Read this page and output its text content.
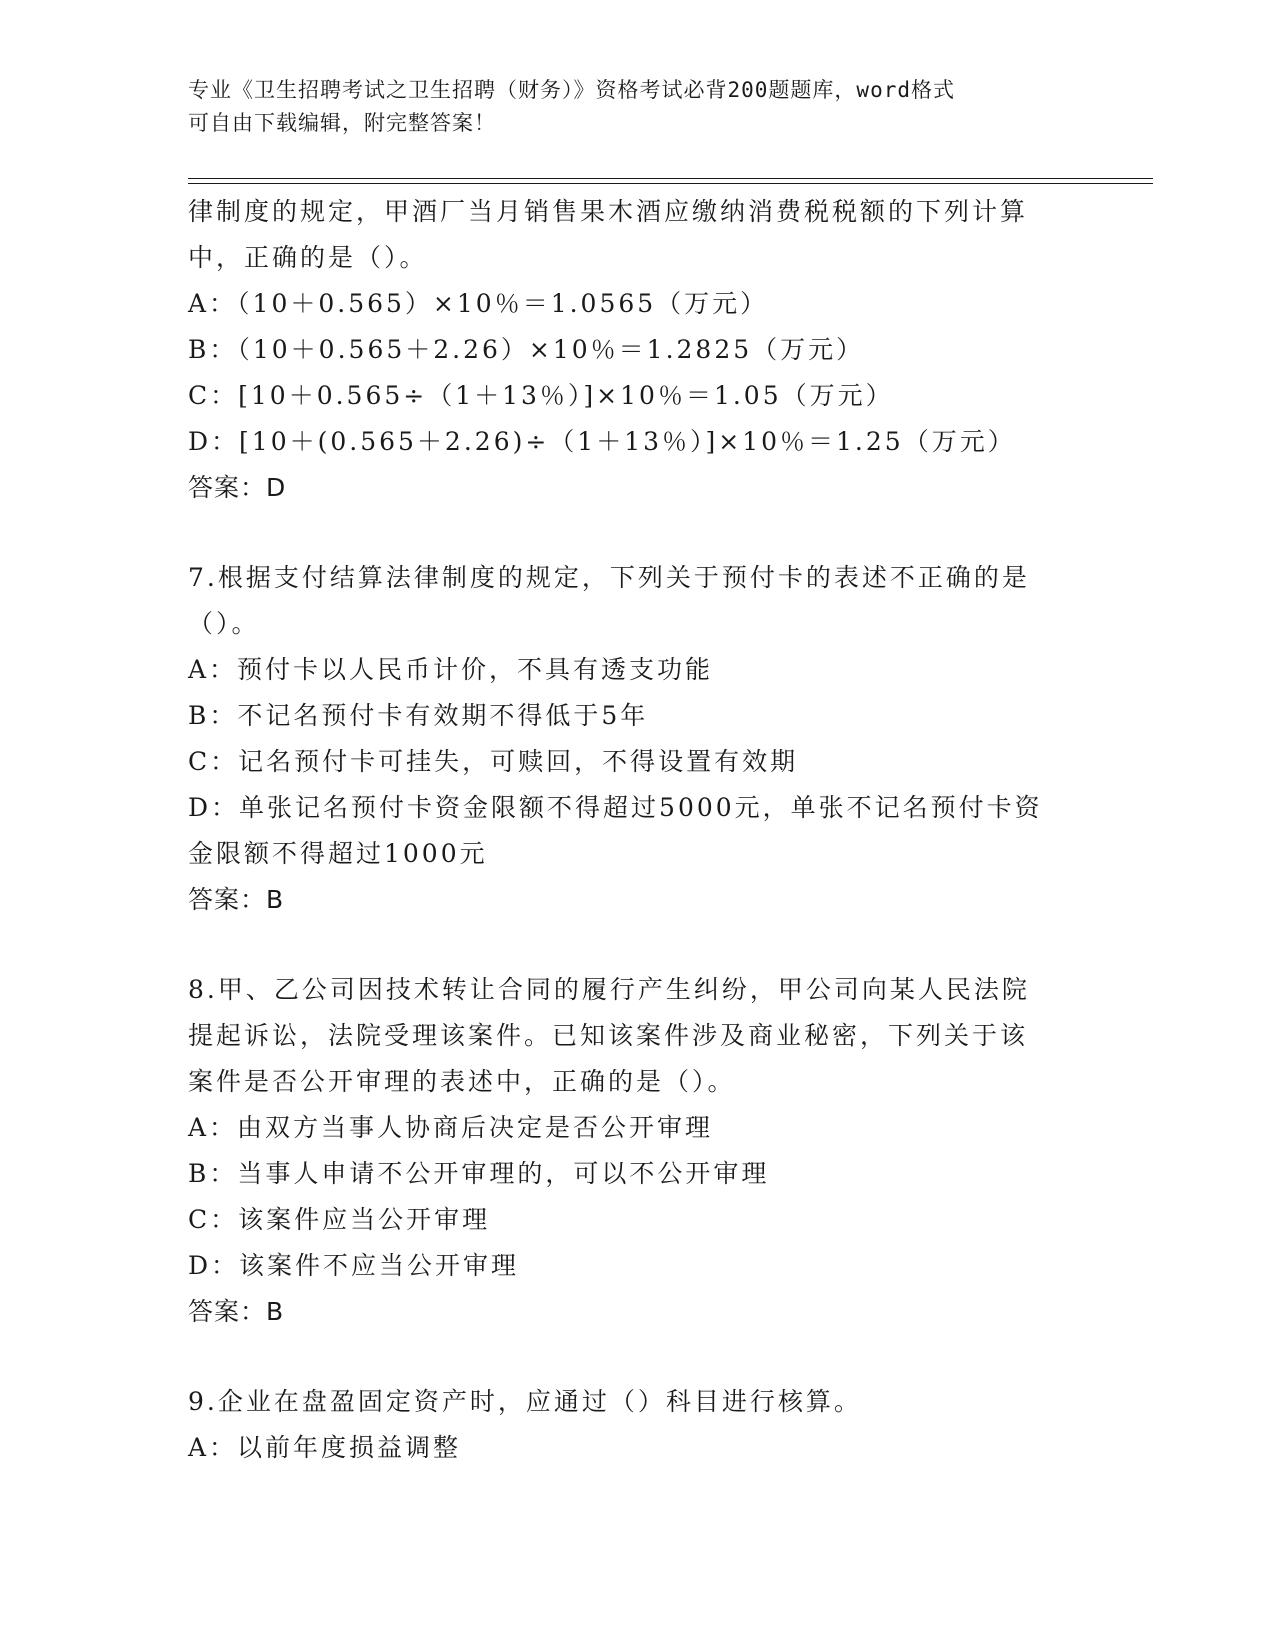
专业《卫生招聘考试之卫生招聘（财务）》资格考试必背200题题库，word格式
可自由下载编辑，附完整答案！
律制度的规定，甲酒厂当月销售果木酒应缴纳消费税税额的下列计算
中，正确的是（）。
A：（10＋0.565）×10％＝1.0565（万元）
B：（10＋0.565＋2.26）×10％＝1.2825（万元）
C：[10＋0.565÷（1＋13％）]×10％＝1.05（万元）
D：[10＋(0.565＋2.26)÷（1＋13％）]×10％＝1.25（万元）
答案：D
7.根据支付结算法律制度的规定，下列关于预付卡的表述不正确的是
（）。
A：预付卡以人民币计价，不具有透支功能
B：不记名预付卡有效期不得低于5年
C：记名预付卡可挂失，可赎回，不得设置有效期
D：单张记名预付卡资金限额不得超过5000元，单张不记名预付卡资
金限额不得超过1000元
答案：B
8.甲、乙公司因技术转让合同的履行产生纠纷，甲公司向某人民法院
提起诉讼，法院受理该案件。已知该案件涉及商业秘密，下列关于该
案件是否公开审理的表述中，正确的是（）。
A：由双方当事人协商后决定是否公开审理
B：当事人申请不公开审理的，可以不公开审理
C：该案件应当公开审理
D：该案件不应当公开审理
答案：B
9.企业在盘盈固定资产时，应通过（）科目进行核算。
A：以前年度损益调整
